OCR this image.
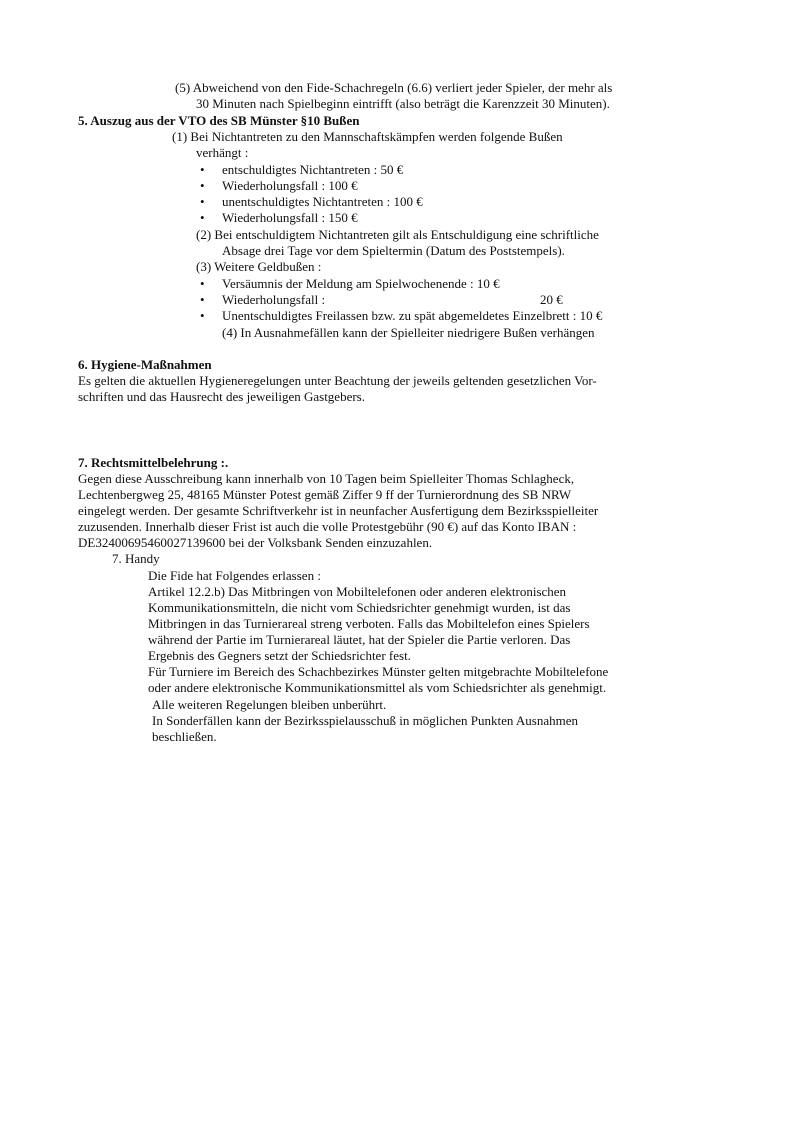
(5) Abweichend von den Fide-Schachregeln (6.6) verliert jeder Spieler, der mehr als
30 Minuten nach Spielbeginn eintrifft (also beträgt die Karenzzeit 30 Minuten).
5. Auszug aus der VTO des SB Münster §10 Bußen
(1) Bei Nichtantreten zu den Mannschaftskämpfen werden folgende Bußen
verhängt :
• entschuldigtes Nichtantreten : 50 €
• Wiederholungsfall : 100 €
• unentschuldigtes Nichtantreten : 100 €
• Wiederholungsfall : 150 €
(2) Bei entschuldigtem Nichtantreten gilt als Entschuldigung eine schriftliche
Absage drei Tage vor dem Spieltermin (Datum des Poststempels).
(3) Weitere Geldbußen :
• Versäumnis der Meldung am Spielwochenende : 10 €
• Wiederholungsfall :	20 €
• Unentschuldigtes Freilassen bzw. zu spät abgemeldetes Einzelbrett : 10 €
(4) In Ausnahmefällen kann der Spielleiter niedrigere Bußen verhängen
6. Hygiene-Maßnahmen
Es gelten die aktuellen Hygieneregelungen unter Beachtung der jeweils geltenden gesetzlichen Vor-
schriften und das Hausrecht des jeweiligen Gastgebers.
7. Rechtsmittelbelehrung :.
Gegen diese Ausschreibung kann innerhalb von 10 Tagen beim Spielleiter Thomas Schlagheck,
Lechtenbergweg 25, 48165 Münster Potest gemäß Ziffer 9 ff der Turnierordnung des SB NRW
eingelegt werden. Der gesamte Schriftverkehr ist in neunfacher Ausfertigung dem Bezirksspielleiter
zuzusenden. Innerhalb dieser Frist ist auch die volle Protestgebühr (90 €) auf das Konto IBAN :
DE32400695460027139600 bei der Volksbank Senden einzuzahlen.
7. Handy
Die Fide hat Folgendes erlassen :
Artikel 12.2.b) Das Mitbringen von Mobiltelefonen oder anderen elektronischen
Kommunikationsmitteln, die nicht vom Schiedsrichter genehmigt wurden, ist das
Mitbringen in das Turnierareal streng verboten. Falls das Mobiltelefon eines Spielers
während der Partie im Turnierareal läutet, hat der Spieler die Partie verloren. Das
Ergebnis des Gegners setzt der Schiedsrichter fest.
Für Turniere im Bereich des Schachbezirkes Münster gelten mitgebrachte Mobiltelefone
oder andere elektronische Kommunikationsmittel als vom Schiedsrichter als genehmigt.
Alle weiteren Regelungen bleiben unberührt.
In Sonderfällen kann der Bezirksspielausschuß in möglichen Punkten Ausnahmen
beschließen.
